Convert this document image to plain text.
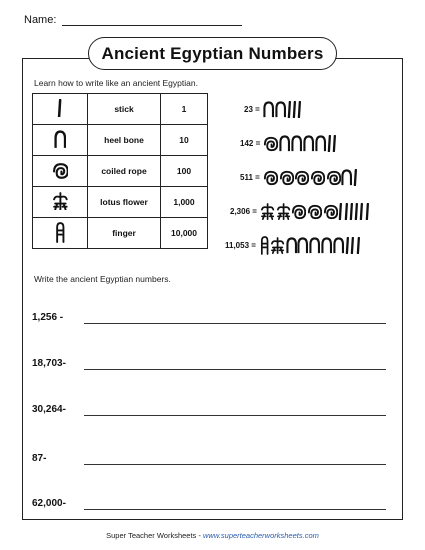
Name:
Ancient Egyptian Numbers
Learn how to write like an ancient Egyptian.
	stick	1
	heel bone	10
	coiled rope	100
	lotus flower	1,000
	finger	10,000
23 =
142 =
511 =
2,306 =
11,053 =
Write the ancient Egyptian numbers.
1,256 -
18,703-
30,264-
87-
62,000-
Super Teacher Worksheets - www.superteacherworksheets.com
